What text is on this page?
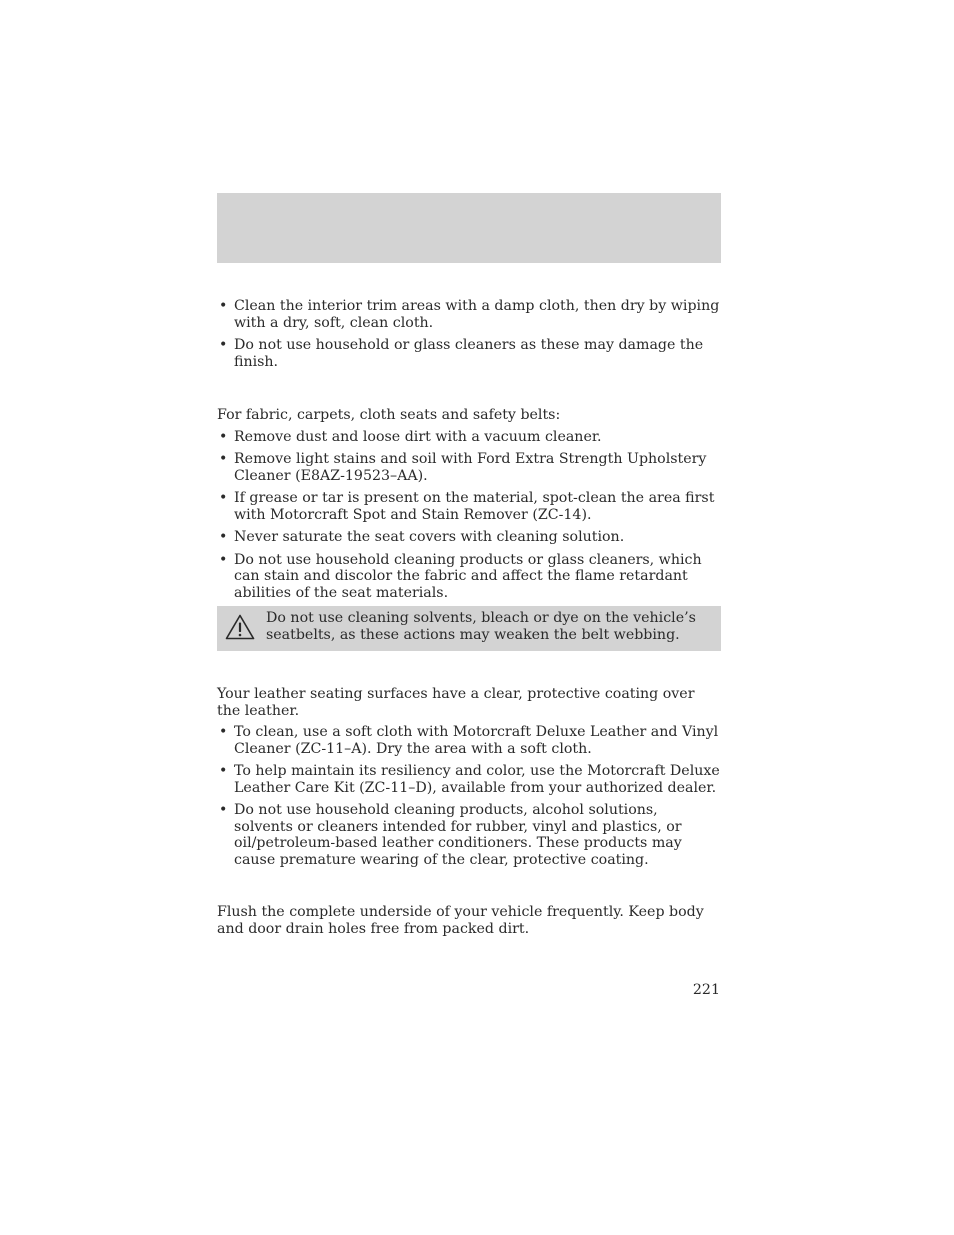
• Clean the interior trim areas with a damp cloth, then dry by wiping with a dry, soft, clean cloth.
• Do not use household or glass cleaners as these may damage the finish.

For fabric, carpets, cloth seats and safety belts:

• Remove dust and loose dirt with a vacuum cleaner.
• Remove light stains and soil with Ford Extra Strength Upholstery Cleaner (E8AZ-19523–AA).
• If grease or tar is present on the material, spot-clean the area first with Motorcraft Spot and Stain Remover (ZC-14).
• Never saturate the seat covers with cleaning solution.
• Do not use household cleaning products or glass cleaners, which can stain and discolor the fabric and affect the flame retardant abilities of the seat materials.
Do not use cleaning solvents, bleach or dye on the vehicle’s seatbelts, as these actions may weaken the belt webbing.

Your leather seating surfaces have a clear, protective coating over the leather.

• To clean, use a soft cloth with Motorcraft Deluxe Leather and Vinyl Cleaner (ZC-11–A). Dry the area with a soft cloth.
• To help maintain its resiliency and color, use the Motorcraft Deluxe Leather Care Kit (ZC-11–D), available from your authorized dealer.
• Do not use household cleaning products, alcohol solutions, solvents or cleaners intended for rubber, vinyl and plastics, or oil/petroleum-based leather conditioners. These products may cause premature wearing of the clear, protective coating.

Flush the complete underside of your vehicle frequently. Keep body and door drain holes free from packed dirt.

221
